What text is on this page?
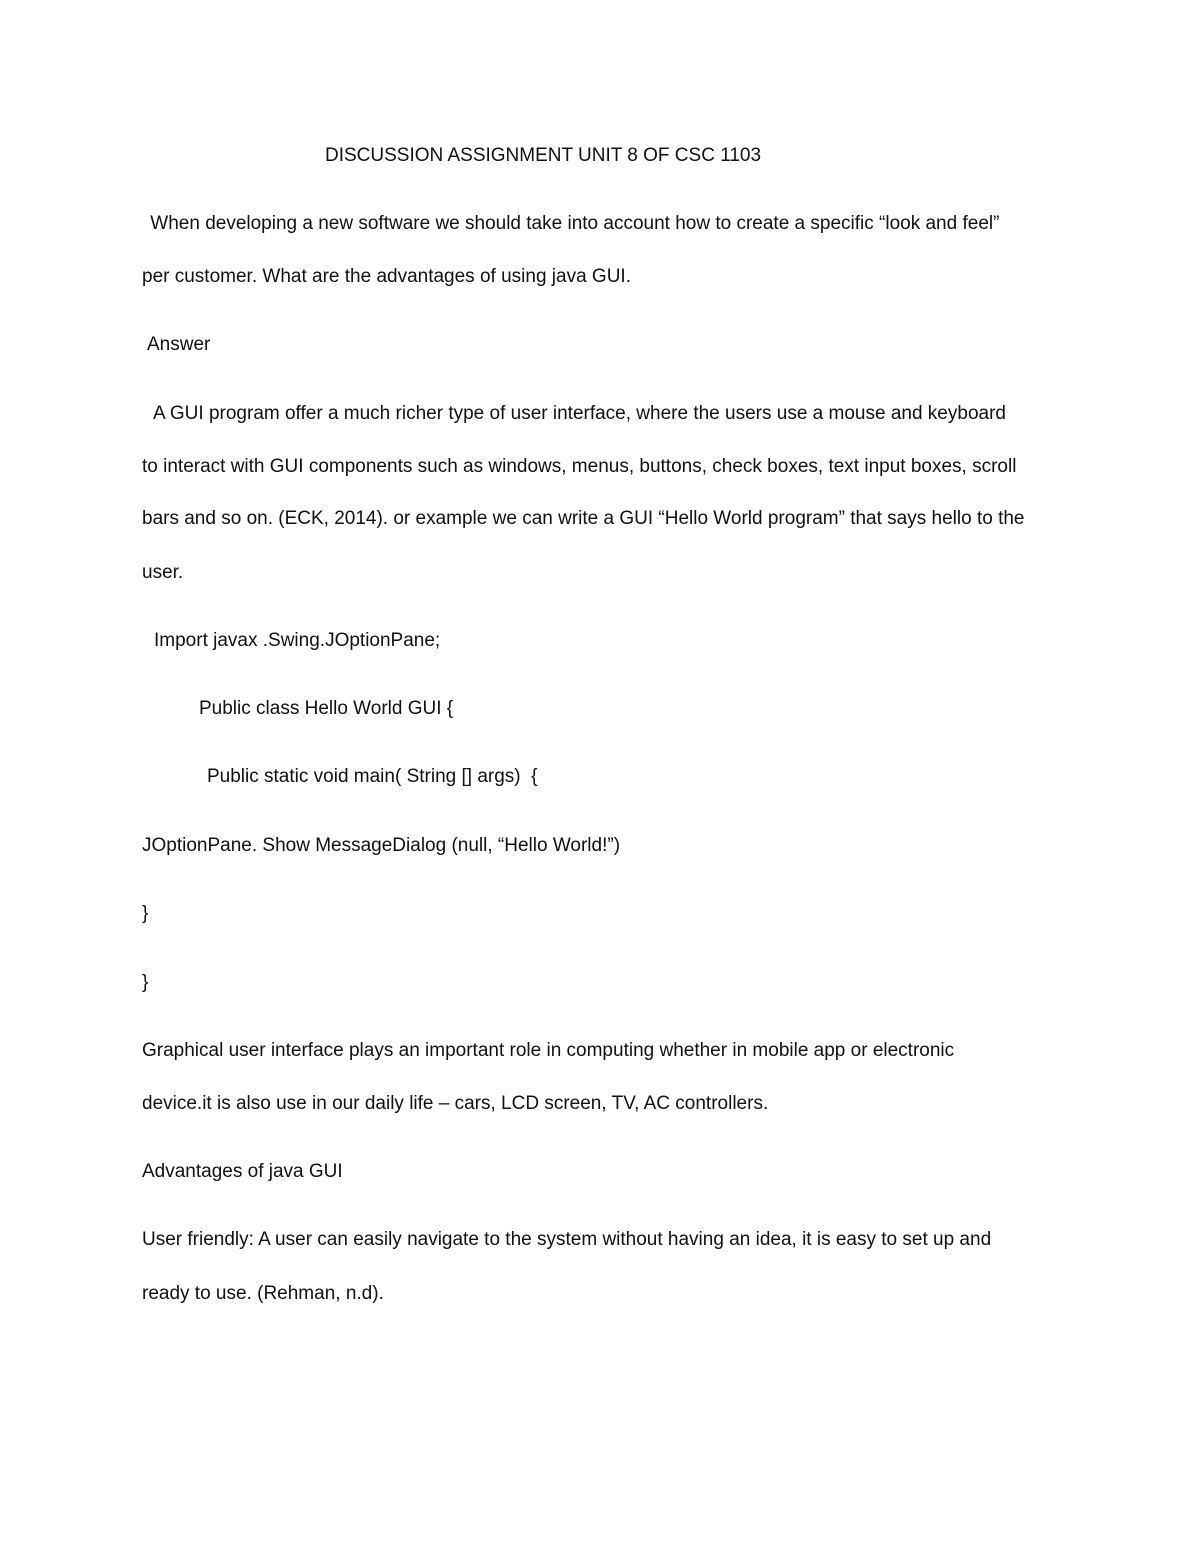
DISCUSSION ASSIGNMENT UNIT 8 OF CSC 1103
When developing a new software we should take into account how to create a specific “look and feel”
per customer. What are the advantages of using java GUI.
Answer
A GUI program offer a much richer type of user interface, where the users use a mouse and keyboard
to interact with GUI components such as windows, menus, buttons, check boxes, text input boxes, scroll
bars and so on. (ECK, 2014). or example we can write a GUI “Hello World program” that says hello to the
user.
Import javax .Swing.JOptionPane;
Public class Hello World GUI {
Public static void main( String [] args)  {
JOptionPane. Show MessageDialog (null, “Hello World!”)
}
}
Graphical user interface plays an important role in computing whether in mobile app or electronic
device.it is also use in our daily life – cars, LCD screen, TV, AC controllers.
Advantages of java GUI
User friendly: A user can easily navigate to the system without having an idea, it is easy to set up and
ready to use. (Rehman, n.d).
